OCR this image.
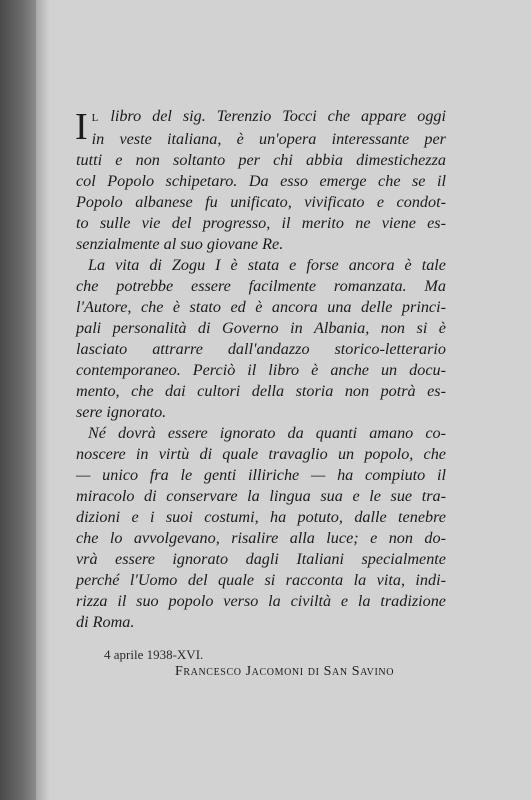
I L libro del sig. Terenzio Tocci che appare oggi
in veste italiana, è un'opera interessante per
tutti e non soltanto per chi abbia dimestichezza
col Popolo schipetaro. Da esso emerge che se il
Popolo albanese fu unificato, vivificato e condot-
to sulle vie del progresso, il merito ne viene es-
senzialmente al suo giovane Re.
La vita di Zogu I è stata e forse ancora è tale
che potrebbe essere facilmente romanzata. Ma
l'Autore, che è stato ed è ancora una delle princi-
pali personalità di Governo in Albania, non si è
lasciato attrarre dall'andazzo storico-letterario
contemporaneo. Perciò il libro è anche un docu-
mento, che dai cultori della storia non potrà es-
sere ignorato.
Né dovrà essere ignorato da quanti amano co-
noscere in virtù di quale travaglio un popolo, che
— unico fra le genti illiriche — ha compiuto il
miracolo di conservare la lingua sua e le sue tra-
dizioni e i suoi costumi, ha potuto, dalle tenebre
che lo avvolgevano, risalire alla luce; e non do-
vrà essere ignorato dagli Italiani specialmente
perché l'Uomo del quale si racconta la vita, indi-
rizza il suo popolo verso la civiltà e la tradizione
di Roma.
4 aprile 1938-XVI.
Francesco Jacomoni di San Savino
